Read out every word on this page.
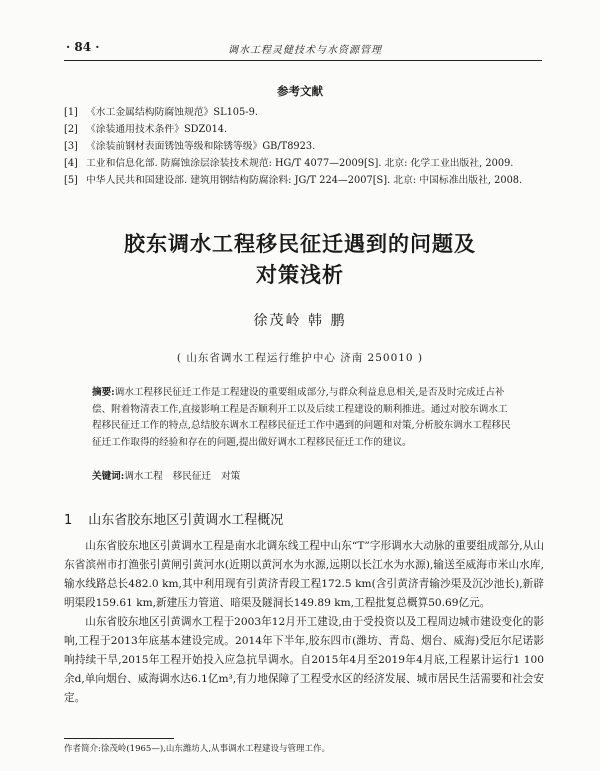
· 84 ·	调水工程灵健技术与水资源管理
参考文献
[1] 《水工金属结构防腐蚀规范》SL105-9.
[2] 《涂装通用技术条件》SDZ014.
[3] 《涂装前钢材表面锈蚀等级和除锈等级》GB/T8923.
[4] 工业和信息化部. 防腐蚀涂层涂装技术规范: HG/T 4077—2009[S]. 北京: 化学工业出版社, 2009.
[5] 中华人民共和国建设部. 建筑用钢结构防腐涂料: JG/T 224—2007[S]. 北京: 中国标准出版社, 2008.
胶东调水工程移民征迁遇到的问题及
对策浅析
徐茂岭 韩 鹏
( 山东省调水工程运行维护中心 济南 250010 )
摘要:调水工程移民征迁工作是工程建设的重要组成部分,与群众利益息息相关,是否及时完成迁占补偿、附着物清表工作,直接影响工程是否顺利开工以及后续工程建设的顺利推进。通过对胶东调水工程移民征迁工作的特点,总结胶东调水工程移民征迁工作中遇到的问题和对策,分析胶东调水工程移民征迁工作取得的经验和存在的问题,提出做好调水工程移民征迁工作的建议。
关键词:调水工程 移民征迁 对策
1 山东省胶东地区引黄调水工程概况

山东省胶东地区引黄调水工程是南水北调东线工程中山东“T”字形调水大动脉的重要组成部分,从山东省滨州市打渔张引黄闸引黄河水(近期以黄河水为水源,远期以长江水为水源),输送至威海市米山水库,输水线路总长482.0 km,其中利用现有引黄济青段工程172.5 km(含引黄济青输沙渠及沉沙池长),新辟明渠段159.61 km,新建压力管道、暗渠及隧洞长149.89 km,工程批复总概算50.69亿元。

山东省胶东地区引黄调水工程于2003年12月开工建设,由于受投资以及工程周边城市建设变化的影响,工程于2013年底基本建设完成。2014年下半年,胶东四市(潍坊、青岛、烟台、威海)受厄尔尼诺影响持续干旱,2015年工程开始投入应急抗旱调水。自2015年4月至2019年4月底,工程累计运行1 100余d,单向烟台、威海调水达6.1亿m³,有力地保障了工程受水区的经济发展、城市居民生活需要和社会安定。

作者简介:徐茂岭(1965—),山东潍坊人,从事调水工程建设与管理工作。
